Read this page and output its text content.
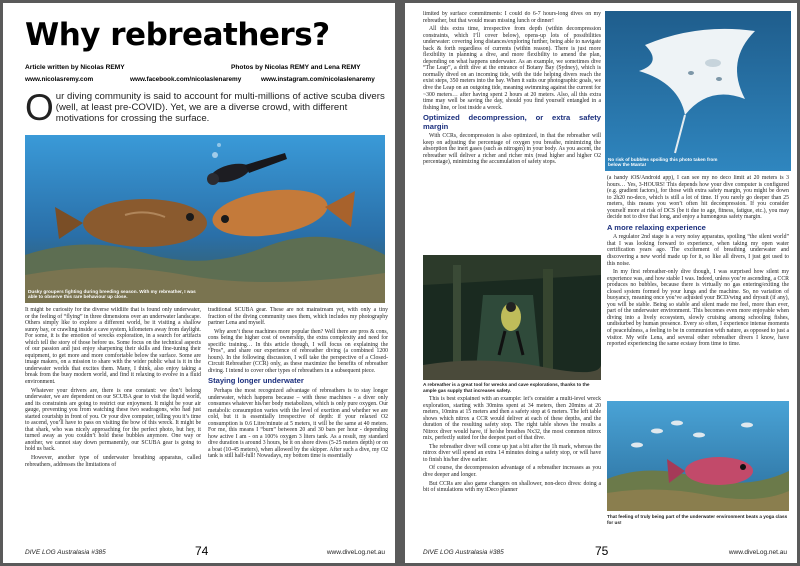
Why rebreathers?
Article written by Nicolas REMY	Photos by Nicolas REMY and Lena REMY
www.nicolasremy.com	www.facebook.com/nicolaslenaremy	www.instagram.com/nicolaslenaremy

Our diving community is said to account for multi-millions of active scuba divers (well, at least pre-COVID). Yet, we are a diverse crowd, with different motivations for crossing the surface.

Dusky groupers fighting during breeding season. With my rebreather, I was able to observe this rare behaviour up close.

It might be curiosity for the diverse wildlife that is found only underwater, or the feeling of “flying” in three dimensions over an underwater landscape. Others simply like to explore a different world, be it visiting a shallow sunny bay, or crawling inside a cave system, kilometers away from daylight. For some, it is the emotion of wrecks exploration, in a search for artifacts which tell the story of those before us. Some focus on the technical aspects of our passion and just enjoy sharpening their skills and fine-tuning their equipment, to get more and more comfortable below the surface. Some are image makers, on a mission to share with the wider public what is it in the underwater worlds that excites them. Many, I think, also enjoy taking a break from the busy modern world, and find it relaxing to evolve in a fluid environment.

Whatever your drivers are, there is one constant: we don’t belong underwater, we are dependent on our SCUBA gear to visit the liquid world, and its constraints are going to restrict our enjoyment. It might be your air gauge, preventing you from watching these two seadragons, who had just started courtship in front of you. Or your dive computer, telling you it’s time to ascend, you’ll have to pass on visiting the bow of this wreck. It might be that shark, who was nicely approaching for the perfect photo, but hey, it turned away as you couldn’t hold these bubbles anymore. One way or another, we cannot stay down permanently, our SCUBA gear is going to hold us back.

However, another type of underwater breathing apparatus, called rebreathers, addresses the limitations of

traditional SCUBA gear. These are not mainstream yet, with only a tiny fraction of the diving community uses them, which includes my photography partner Lena and myself.

Why aren’t these machines more popular then? Well there are pros & cons, cons being the higher cost of ownership, the extra complexity and need for specific training… In this article though, I will focus on explaining the “Pros”, and share our experience of rebreather diving (a combined 1200 hours). In the following discussion, I will take the perspective of a Closed-Circuit Rebreather (CCR) only, as these maximize the benefits of rebreather diving. I intend to cover other types of rebreathers in a subsequent piece.

Staying longer underwater

Perhaps the most recognized advantage of rebreathers is to stay longer underwater, which happens because – with these machines - a diver only consumes whatever his/her body metabolizes, which is only pure oxygen. Our metabolic consumption varies with the level of exertion and whether we are cold, but it is essentially irrespective of depth: if your relaxed O2 consumption is 0.6 Litre/minute at 5 meters, it will be the same at 40 meters. For me, this means I “burn” between 20 and 30 bars per hour - depending how active I am - on a 100% oxygen 3 liters tank. As a result, my standard dive duration is around 3 hours, be it on shore dives (5-25 meters depth) or on a boat (10-45 meters), when allowed by the skipper. After such a dive, my O2 tank is still half-full! Nowadays, my bottom time is essentially

DIVE LOG Australasia #385	74	www.diveLog.net.au

limited by surface commitments: I could do 6-7 hours-long dives on my rebreather, but that would mean missing lunch or dinner!

All this extra time, irrespective from depth (within decompression constraints, which I’ll cover below), opens-up lots of possibilities underwater: covering long distances/exploring further, being able to navigate back & forth regardless of currents (within reason). There is just more flexibility in planning a dive, and more flexibility to amend the plan, depending on what happens underwater. As an example, we sometimes dive “The Leap”, a drift dive at the entrance of Botany Bay (Sydney), which is normally dived on an incoming tide, with the tide helping divers reach the exist steps, 350 meters into the bay. When it suits our photographic goals, we dive the Leap on an outgoing tide, meaning swimming against the current for ~300 meters… after having spent 2 hours at 20 meters. Also, all this extra time may well be saving the day, should you find yourself entangled in a fishing line, or lost inside a wreck.

Optimized decompression, or extra safety margin

With CCRs, decompression is also optimized, in that the rebreather will keep on adjusting the percentage of oxygen you breathe, minimizing the absorption the inert gases (such as nitrogen) in your body. As you ascent, the rebreather will deliver a richer and richer mix (read higher and higher O2 percentage), minimizing the accumulation of safety stops.

No risk of bubbles spoiling this photo taken from below the Manta!

A rebreather is a great tool for wrecks and cave explorations, thanks to the ample gas supply that increases safety.

This is best explained with an example: let’s consider a multi-level wreck exploration, starting with 30mins spent at 34 meters, then 20mins at 20 meters, 10mins at 15 meters and then a safety stop at 6 meters. The left table shows which nitrox a CCR would deliver at each of these depths, and the duration of the resulting safety stop. The right table shows the results a Nitrox diver would have, if he/she breathes Nx32, the most common nitrox mix, perfectly suited for the deepest part of that dive.

The rebreather diver will come up just a bit after the 1h mark, whereas the nitrox diver will spend an extra 14 minutes doing a safety stop, or will have to finish his/her dive earlier.

Of course, the decompression advantage of a rebreather increases as you dive deeper and longer.

But CCRs are also game changers on shallower, non-deco dives: doing a bit of simulations with my iDeco planner

(a handy iOS/Android app), I can see my no deco limit at 20 meters is 3 hours… Yes, 3-HOURS! This depends how your dive computer is configured (e.g. gradient factors), for those with extra safety margin, you might be down to 2h20 no-deco, which is still a lot of time. If you rarely go deeper than 25 meters, this means you won’t often hit decompression. If you consider yourself more at risk of DCS (be it due to age, fitness, fatigue, etc.), you may decide not to dive that long, and enjoy a humongous safety margin.

A more relaxing experience

A regulator 2nd stage is a very noisy apparatus, spoiling “the silent world” that I was looking forward to experience, when taking my open water certification years ago. The excitement of breathing underwater and discovering a new world made up for it, so like all divers, I just got used to this noise.

In my first rebreather-only dive though, I was surprised how silent my experience was, and how stable I was. Indeed, unless you’re ascending, a CCR produces no bubbles, because there is virtually no gas entering/exiting the closed system formed by your lungs and the machine. So, no variation of buoyancy, meaning once you’ve adjusted your BCD/wing and drysuit (if any), you will be stable. Being so stable and silent made me feel, more than ever, part of the underwater environment. This becomes even more enjoyable when diving into a lively ecosystem, slowly cruising among schooling fishes, undisturbed by human presence. Every so often, I experience intense moments of peacefulness, a feeling to be in communion with nature, as opposed to just a visitor. My wife Lena, and several other rebreather divers I know, have reported experiencing the same ecstasy from time to time.

That feeling of truly being part of the underwater environment beats a yoga class for us!

DIVE LOG Australasia #385	75	www.diveLog.net.au
